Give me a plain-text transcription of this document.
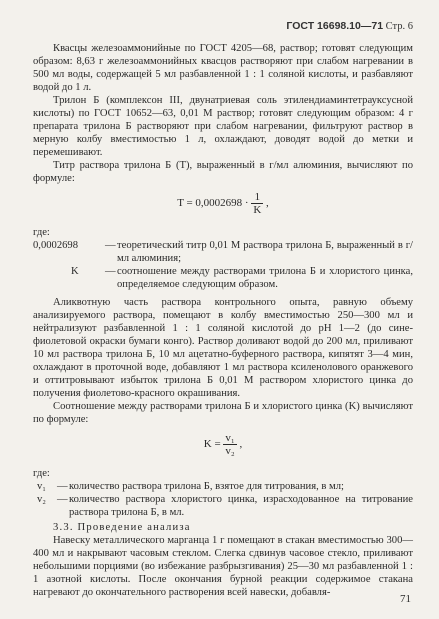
ГОСТ 16698.10—71 Стр. 6

Квасцы железоаммонийные по ГОСТ 4205—68, раствор; готовят следующим образом: 8,63 г железоаммонийных квасцов растворяют при слабом нагревании в 500 мл воды, содержащей 5 мл разбавленной 1 : 1 соляной кислоты, и разбавляют водой до 1 л.

Трилон Б (комплексон III, двунатриевая соль этилендиаминтетрауксусной кислоты) по ГОСТ 10652—63, 0,01 М раствор; готовят следующим образом: 4 г препарата трилона Б растворяют при слабом нагревании, фильтруют раствор в мерную колбу вместимостью 1 л, охлаждают, доводят водой до метки и перемешивают.

Титр раствора трилона Б (Т), выраженный в г/мл алюминия, вычисляют по формуле:

$T = 0,0002698 \cdot \frac{1}{K}$ ,

где:

0,0002698	— теоретический титр 0,01 М раствора трилона Б, выраженный в г/мл алюминия;
K	— соотношение между растворами трилона Б и хлористого цинка, определяемое следующим образом.

Аликвотную часть раствора контрольного опыта, равную объему анализируемого раствора, помещают в колбу вместимостью 250—300 мл и нейтрализуют разбавленной 1 : 1 соляной кислотой до рН 1—2 (до сине-фиолетовой окраски бумаги конго). Раствор доливают водой до 200 мл, приливают 10 мл раствора трилона Б, 10 мл ацетатно-буферного раствора, кипятят 3—4 мин, охлаждают в проточной воде, добавляют 1 мл раствора ксиленолового оранжевого и оттитровывают избыток трилона Б 0,01 М раствором хлористого цинка до получения фиолетово-красного окрашивания.

Соотношение между растворами трилона Б и хлористого цинка (K) вычисляют по формуле:

$K = \frac{\text{v₁}}{\text{v₂}}$ ,

где:

v₁	— количество раствора трилона Б, взятое для титрования, в мл;
v₂	— количество раствора хлористого цинка, израсходованное на титрование раствора трилона Б, в мл.

3.3. Проведение анализа

Навеску металлического марганца 1 г помещают в стакан вместимостью 300—400 мл и накрывают часовым стеклом. Слегка сдвинув часовое стекло, приливают небольшими порциями (во избежание разбрызгивания) 25—30 мл разбавленной 1 : 1 азотной кислоты. После окончания бурной реакции содержимое стакана нагревают до окончательного растворения всей навески, добавля-

71
